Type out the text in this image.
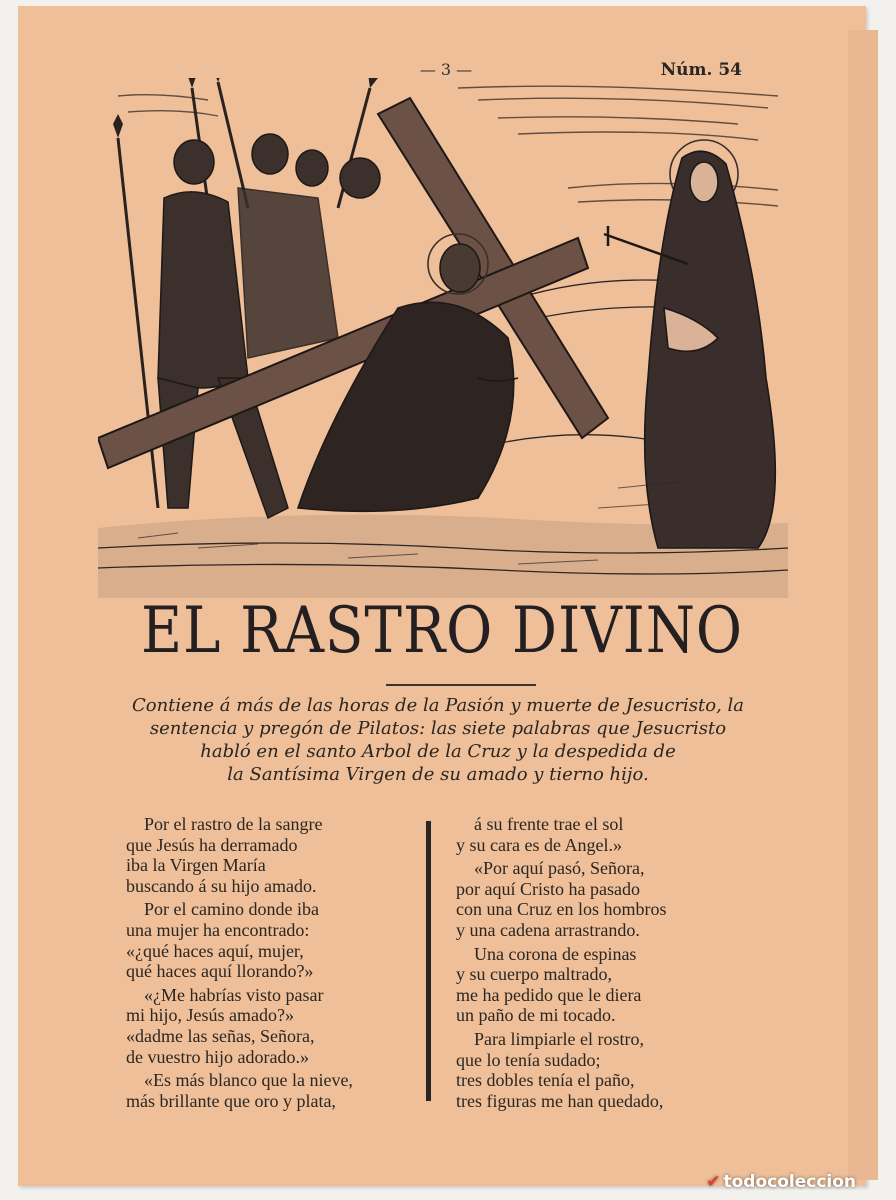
— 3 —	Núm. 54
EL RASTRO DIVINO
Contiene á más de las horas de la Pasión y muerte de Jesucristo, la
sentencia y pregón de Pilatos: las siete palabras que Jesucristo
habló en el santo Arbol de la Cruz y la despedida de
la Santísima Virgen de su amado y tierno hijo.
Por el rastro de la sangre
que Jesús ha derramado
iba la Virgen María
buscando á su hijo amado.
Por el camino donde iba
una mujer ha encontrado:
«¿qué haces aquí, mujer,
qué haces aquí llorando?»
«¿Me habrías visto pasar
mi hijo, Jesús amado?»
«dadme las señas, Señora,
de vuestro hijo adorado.»
«Es más blanco que la nieve,
más brillante que oro y plata,
á su frente trae el sol
y su cara es de Angel.»
«Por aquí pasó, Señora,
por aquí Cristo ha pasado
con una Cruz en los hombros
y una cadena arrastrando.
Una corona de espinas
y su cuerpo maltrado,
me ha pedido que le diera
un paño de mi tocado.
Para limpiarle el rostro,
que lo tenía sudado;
tres dobles tenía el paño,
tres figuras me han quedado,
✔ todocoleccion
